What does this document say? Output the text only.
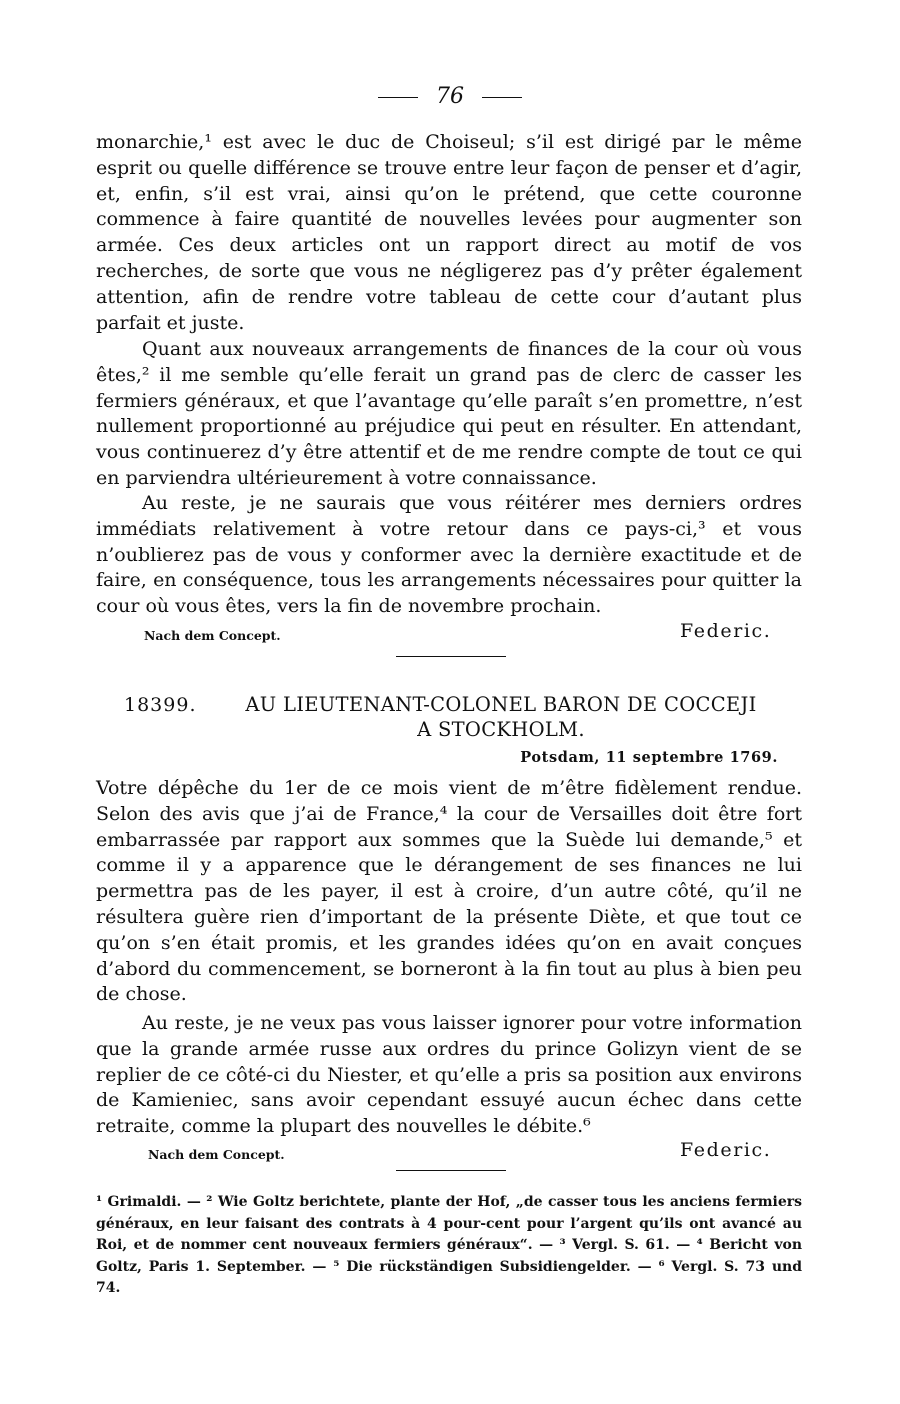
76

monarchie,¹ est avec le duc de Choiseul; s’il est dirigé par le même esprit ou quelle différence se trouve entre leur façon de penser et d’agir, et, enfin, s’il est vrai, ainsi qu’on le prétend, que cette couronne commence à faire quantité de nouvelles levées pour augmenter son armée. Ces deux articles ont un rapport direct au motif de vos recherches, de sorte que vous ne négligerez pas d’y prêter également attention, afin de rendre votre tableau de cette cour d’autant plus parfait et juste.

Quant aux nouveaux arrangements de finances de la cour où vous êtes,² il me semble qu’elle ferait un grand pas de clerc de casser les fermiers généraux, et que l’avantage qu’elle paraît s’en promettre, n’est nullement proportionné au préjudice qui peut en résulter. En attendant, vous continuerez d’y être attentif et de me rendre compte de tout ce qui en parviendra ultérieurement à votre connaissance.

Au reste, je ne saurais que vous réitérer mes derniers ordres immédiats relativement à votre retour dans ce pays-ci,³ et vous n’oublierez pas de vous y conformer avec la dernière exactitude et de faire, en conséquence, tous les arrangements nécessaires pour quitter la cour où vous êtes, vers la fin de novembre prochain.

Nach dem Concept.	Federic.
18399.	AU LIEUTENANT-COLONEL BARON DE COCCEJI
A STOCKHOLM.
Potsdam, 11 septembre 1769.

Votre dépêche du 1er de ce mois vient de m’être fidèlement rendue. Selon des avis que j’ai de France,⁴ la cour de Versailles doit être fort embarrassée par rapport aux sommes que la Suède lui demande,⁵ et comme il y a apparence que le dérangement de ses finances ne lui permettra pas de les payer, il est à croire, d’un autre côté, qu’il ne résultera guère rien d’important de la présente Diète, et que tout ce qu’on s’en était promis, et les grandes idées qu’on en avait conçues d’abord du commencement, se borneront à la fin tout au plus à bien peu de chose.

Au reste, je ne veux pas vous laisser ignorer pour votre information que la grande armée russe aux ordres du prince Golizyn vient de se replier de ce côté-ci du Niester, et qu’elle a pris sa position aux environs de Kamieniec, sans avoir cependant essuyé aucun échec dans cette retraite, comme la plupart des nouvelles le débite.⁶

Nach dem Concept.	Federic.

¹ Grimaldi. — ² Wie Goltz berichtete, plante der Hof, „de casser tous les anciens fermiers généraux, en leur faisant des contrats à 4 pour-cent pour l’argent qu’ils ont avancé au Roi, et de nommer cent nouveaux fermiers généraux“. — ³ Vergl. S. 61. — ⁴ Bericht von Goltz, Paris 1. September. — ⁵ Die rückständigen Subsidiengelder. — ⁶ Vergl. S. 73 und 74.
